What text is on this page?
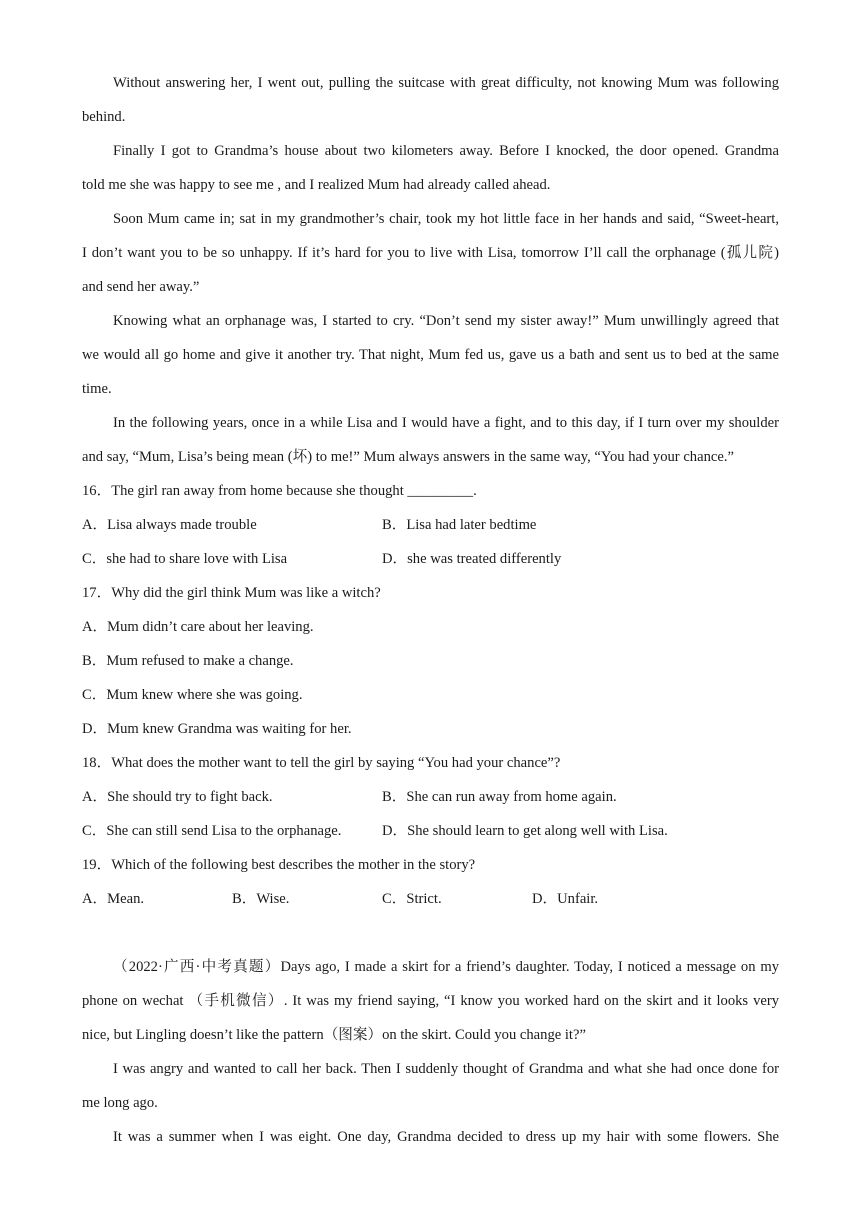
Without answering her, I went out, pulling the suitcase with great difficulty, not knowing Mum was following
behind.
Finally I got to Grandma’s house about two kilometers away. Before I knocked, the door opened. Grandma
told me she was happy to see me , and I realized Mum had already called ahead.
Soon Mum came in; sat in my grandmother’s chair, took my hot little face in her hands and said, “Sweet-heart,
I don’t want you to be so unhappy. If it’s hard for you to live with Lisa, tomorrow I’ll call the orphanage (孤儿院)
and send her away.”
Knowing what an orphanage was, I started to cry. “Don’t send my sister away!” Mum unwillingly agreed that
we would all go home and give it another try. That night, Mum fed us, gave us a bath and sent us to bed at the same
time.
In the following years, once in a while Lisa and I would have a fight, and to this day, if I turn over my shoulder
and say, “Mum, Lisa’s being mean (坏) to me!” Mum always answers in the same way, “You had your chance.”
16．The girl ran away from home because she thought _________.
A．Lisa always made trouble	B．Lisa had later bedtime
C．she had to share love with Lisa	D．she was treated differently
17．Why did the girl think Mum was like a witch?
A．Mum didn’t care about her leaving.
B．Mum refused to make a change.
C．Mum knew where she was going.
D．Mum knew Grandma was waiting for her.
18．What does the mother want to tell the girl by saying “You had your chance”?
A．She should try to fight back.	B．She can run away from home again.
C．She can still send Lisa to the orphanage.	D．She should learn to get along well with Lisa.
19．Which of the following best describes the mother in the story?
A．Mean.	B．Wise.	C．Strict.	D．Unfair.
（2022·广西·中考真题）Days ago, I made a skirt for a friend’s daughter. Today, I noticed a message on my
phone on wechat （手机微信）. It was my friend saying, “I know you worked hard on the skirt and it looks very
nice, but Lingling doesn’t like the pattern（图案）on the skirt. Could you change it?”
I was angry and wanted to call her back. Then I suddenly thought of Grandma and what she had once done for
me long ago.
It was a summer when I was eight. One day, Grandma decided to dress up my hair with some flowers. She
